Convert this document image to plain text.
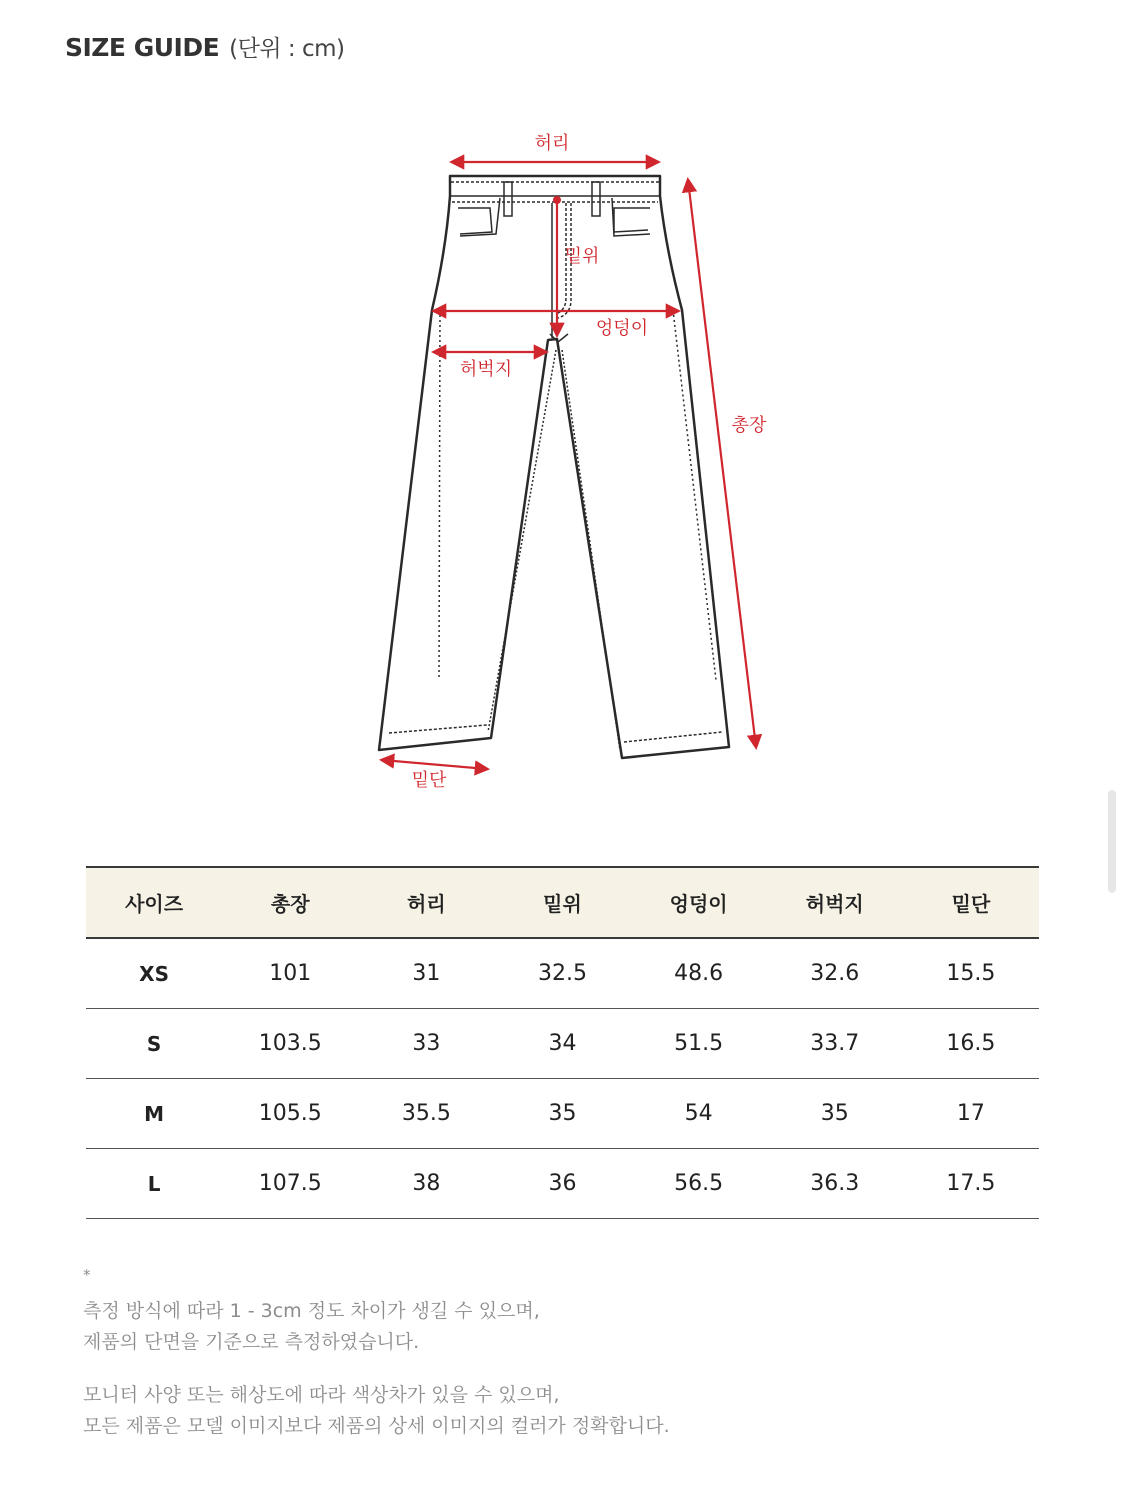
SIZE GUIDE (단위 : cm)
허리
밑위
엉덩이
허벅지
총장
밑단
사이즈	총장	허리	밑위	엉덩이	허벅지	밑단
XS	101	31	32.5	48.6	32.6	15.5
S	103.5	33	34	51.5	33.7	16.5
M	105.5	35.5	35	54	35	17
L	107.5	38	36	56.5	36.3	17.5
*
측정 방식에 따라 1 - 3cm 정도 차이가 생길 수 있으며,
제품의 단면을 기준으로 측정하였습니다.
모니터 사양 또는 해상도에 따라 색상차가 있을 수 있으며,
모든 제품은 모델 이미지보다 제품의 상세 이미지의 컬러가 정확합니다.
